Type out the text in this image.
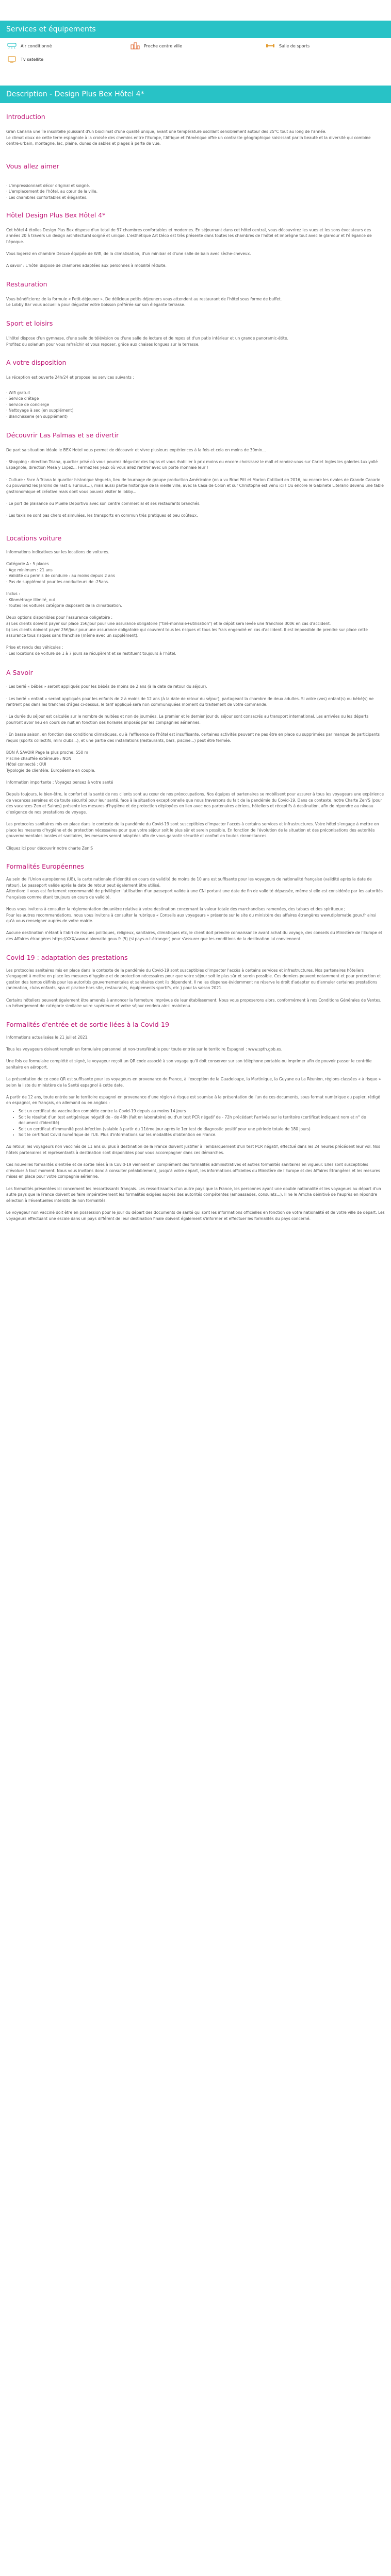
Services et équipements
Air conditionné	Proche centre ville	Salle de sports
Tv satellite
Description - Design Plus Bex Hôtel 4*
Introduction

Gran Canaria une île insolitelle jouissant d'un bioclimat d'une qualité unique, avant une température oscillant sensiblement autour des 25°C tout au long de l'année.

Le climat doux de cette terre espagnole à la croisée des chemins entre l'Europe, l'Afrique et l'Amérique offre un contraste géographique saisissant par la beauté et la diversité qui combine centre-urbain, montagne, lac, plaine, dunes de sables et plages à perte de vue.

Vous allez aimer

· L'impressionnant décor original et soigné.

· L'emplacement de l'hôtel, au cœur de la ville.

· Les chambres confortables et élégantes.

Hôtel Design Plus Bex Hôtel 4*

Cet hôtel 4 étoiles Design Plus Bex dispose d'un total de 97 chambres confortables et modernes. En séjournant dans cet hôtel central, vous découvrirez les vues et les sons évocateurs des années 20 à travers un design architectural soigné et unique. L'esthétique Art Déco est très présente dans toutes les chambres de l'hôtel et imprègne tout avec le glamour et l'élégance de l'époque.

Vous logerez en chambre Deluxe équipée de Wifi, de la climatisation, d'un minibar et d'une salle de bain avec sèche-cheveux.

A savoir : L'hôtel dispose de chambres adaptées aux personnes à mobilité réduite.

Restauration

Vous bénéficierez de la formule « Petit-déjeuner ». De délicieux petits déjeuners vous attendent au restaurant de l'hôtel sous forme de buffet.

Le Lobby Bar vous accueilla pour déguster votre boisson préférée sur son élégante terrasse.

Sport et loisirs

L'hôtel dispose d'un gymnase, d'une salle de télévision ou d'une salle de lecture et de repos et d'un patio intérieur et un grande panoramic-étite.

Profitez du solarium pour vous rafraîchir et vous reposer, grâce aux chaises longues sur la terrasse.

A votre disposition

La réception est ouverte 24h/24 et propose les services suivants :

· Wifi gratuit

· Service d'étage

· Service de concierge

· Nettoyage à sec (en supplément)

· Blanchisserie (en supplément)

Découvrir Las Palmas et se divertir

De part sa situation idéale le BEX Hotel vous permet de découvrir et vivre plusieurs expériences à la fois et cela en moins de 30min...

· Shopping : direction Triana, quartier prisé où vous pourrez déguster des tapas et vous rhabiller à prix moins ou encore choisissez le mall et rendez-vous sur Carlet Ingles les galeries Luxiyollé Espagnole, direction Mesa y Lopez... Fermez les yeux où vous allez rentrer avec un porte monnaie leur !

· Culture : Face à Triana le quartier historique Vegueta, lieu de tournage de groupe production Américaine (on a vu Brad Pitt et Marion Cotillard en 2016, ou encore les rivales de Grande Canarie ou pouvoirez les Jardins de Fast & Furious...), mais aussi partie historique de la vieille ville, avec la Casa de Colon et sur Christophe est venu ici ! Ou encore le Gabinete Literario devenu une table gastronomique et créative mais dont vous pouvez visiter le lobby...

· Le port de plaisance ou Muelle Deportivo avec son centre commercial et ses restaurants branchés.

· Les taxis ne sont pas chers et simulées, les transports en commun très pratiques et peu coûteux.

Locations voiture

Informations indicatives sur les locations de voitures.

Catégorie A : 5 places

· Age minimum : 21 ans

· Validité du permis de conduire : au moins depuis 2 ans

· Pas de supplément pour les conducteurs de -25ans.

Inclus :

· Kilométrage illimité, oui

· Toutes les voitures catégorie disposent de la climatisation.

Deux options disponibles pour l'assurance obligatoire :

a) Les clients doivent payer sur place 15€/jour pour une assurance obligatoire ("tiré-monnaie+utilisation") et le dépôt sera levée une franchise 300€ en cas d'accident.

b) Les clients doivent payer 25€/jour pour une assurance obligatoire qui couvrent tous les risques et tous les frais engendré en cas d'accident. Il est impossible de prendre sur place cette assurance tous risques sans franchise (même avec un supplément).

Prise et rendu des véhicules :

· Les locations de voiture de 1 à 7 jours se récupèrent et se restituent toujours à l'hôtel.

A Savoir

· Les berlé « bébés » seront appliqués pour les bébés de moins de 2 ans (à la date de retour du séjour).

· Les berlé « enfant » seront appliqués pour les enfants de 2 à moins de 12 ans (à la date de retour du séjour), partageant la chambre de deux adultes. Si votre (vos) enfant(s) ou bébé(s) ne rentrent pas dans les tranches d'âges ci-dessus, le tarif appliqué sera non communiquées moment du traitement de votre commande.

· La durée du séjour est calculée sur le nombre de nuitées et non de journées. La premier et le dernier jour du séjour sont consacrés au transport international. Les arrivées ou les départs pourront avoir lieu en cours de nuit en fonction des horaires imposés par les compagnies aériennes.

· En basse saison, en fonction des conditions climatiques, ou à l'affluence de l'hôtel est insuffisante, certaines activités peuvent ne pas être en place ou supprimées par manque de participants requis (sports collectifs, mini clubs...), et une partie des installations (restaurants, bars, piscine...) peut être fermée.

BON À SAVOIR Page la plus proche: 550 m

Piscine chauffée extérieure : NON

Hôtel connecté : OUI

Typologie de clientèle: Européenne en couple.

Information importante : Voyagez pensez à votre santé

Depuis toujours, le bien-être, le confort et la santé de nos clients sont au cœur de nos préoccupations. Nos équipes et partenaires se mobilisent pour assurer à tous les voyageurs une expérience de vacances sereines et de toute sécurité pour leur santé, face à la situation exceptionnelle que nous traversons du fait de la pandémie du Covid-19. Dans ce contexte, notre Charte Zen'S (pour des vacances Zen et Saines) présente les mesures d'hygiène et de protection déployées en lien avec nos partenaires aériens, hôteliers et réceptifs à destination, afin de répondre au niveau d'exigence de nos prestations de voyage.

Les protocoles sanitaires mis en place dans le contexte de la pandémie du Covid-19 sont susceptibles d'impacter l'accès à certains services et infrastructures. Votre hôtel s'engage à mettre en place les mesures d'hygiène et de protection nécessaires pour que votre séjour soit le plus sûr et serein possible. En fonction de l'évolution de la situation et des préconisations des autorités gouvernementales locales et sanitaires, les mesures seront adaptées afin de vous garantir sécurité et confort en toutes circonstances.

Cliquez ici pour découvrir notre charte Zen'S

Formalités Européennes

Au sein de l'Union européenne (UE), la carte nationale d'identité en cours de validité de moins de 10 ans est suffisante pour les voyageurs de nationalité française (validité après la date de retour). Le passeport valide après la date de retour peut également être utilisé.

Attention: il vous est fortement recommandé de privilégier l'utilisation d'un passeport valide à une CNI portant une date de fin de validité dépassée, même si elle est considérée par les autorités françaises comme étant toujours en cours de validité.

Nous vous invitons à consulter la réglementation douanière relative à votre destination concernant la valeur totale des marchandises ramenées, des tabacs et des spiritueux ;

Pour les autres recommandations, nous vous invitons à consulter la rubrique « Conseils aux voyageurs » présente sur le site du ministère des affaires étrangères www.diplomatie.gouv.fr ainsi qu'à vous renseigner auprès de votre mairie.

Aucune destination n'étant à l'abri de risques politiques, religieux, sanitaires, climatiques etc, le client doit prendre connaissance avant achat du voyage, des conseils du Ministère de l'Europe et des Affaires étrangères https://XXX/www.diplomatie.gouv.fr (5) (si pays-o-t-étranger) pour s'assurer que les conditions de la destination lui conviennent.

Covid-19 : adaptation des prestations

Les protocoles sanitaires mis en place dans le contexte de la pandémie du Covid-19 sont susceptibles d'impacter l'accès à certains services et infrastructures. Nos partenaires hôteliers s'engagent à mettre en place les mesures d'hygiène et de protection nécessaires pour que votre séjour soit le plus sûr et serein possible. Ces derniers peuvent notamment et pour protection et gestion des temps définis pour les autorités gouvernementales et sanitaires dont ils dépendent. Il ne les dispense évidemment ne réserve le droit d'adapter ou d'annuler certaines prestations (animation, clubs enfants, spa et piscine hors site, restaurants, équipements sportifs, etc.) pour la saison 2021.

Certains hôteliers peuvent également être amenés à annoncer la fermeture imprévue de leur établissement. Nous vous proposerons alors, conformément à nos Conditions Générales de Ventes, un hébergement de catégorie similaire voire supérieure et votre séjour rendera ainsi maintenu.

Formalités d'entrée et de sortie liées à la Covid-19

Informations actualisées le 21 juillet 2021.

Tous les voyageurs doivent remplir un formulaire personnel et non-transférable pour toute entrée sur le territoire Espagnol : www.spth.gob.es.

Une fois ce formulaire complété et signé, le voyageur reçoit un QR code associé à son voyage qu'il doit conserver sur son téléphone portable ou imprimer afin de pouvoir passer le contrôle sanitaire en aéroport.

La présentation de ce code QR est suffisante pour les voyageurs en provenance de France, à l'exception de la Guadeloupe, la Martinique, la Guyane ou La Réunion, régions classées « à risque » selon la liste du ministère de la Santé espagnol à cette date.

A partir de 12 ans, toute entrée sur le territoire espagnol en provenance d'une région à risque est soumise à la présentation de l'un de ces documents, sous format numérique ou papier, rédigé en espagnol, en français, en allemand ou en anglais :

• Soit un certificat de vaccination complète contre la Covid-19 depuis au moins 14 jours
• Soit le résultat d'un test antigénique négatif de - de 48h (fait en laboratoire) ou d'un test PCR négatif de - 72h précédant l'arrivée sur le territoire (certificat indiquant nom et n° de document d'identité)
• Soit un certificat d'immunité post-infection (valable à partir du 11ème jour après le 1er test de diagnostic positif pour une période totale de 180 jours)
• Soit le certificat Covid numérique de l'UE. Plus d'informations sur les modalités d'obtention en France.

Au retour, les voyageurs non vaccinés de 11 ans ou plus à destination de la France doivent justifier à l'embarquement d'un test PCR négatif, effectué dans les 24 heures précédent leur vol. Nos hôtels partenaires et représentants à destination sont disponibles pour vous accompagner dans ces démarches.

Ces nouvelles formalités d'entrée et de sortie liées à la Covid-19 viennent en complément des formalités administratives et autres formalités sanitaires en vigueur. Elles sont susceptibles d'évoluer à tout moment. Nous vous invitons donc à consulter préalablement, jusqu'à votre départ, les informations officielles du Ministère de l'Europe et des Affaires Étrangères et les mesures mises en place pour votre compagnie aérienne.

Les formalités présentées ici concernent les ressortissants français. Les ressortissants d'un autre pays que la France, les personnes ayant une double nationalité et les voyageurs au départ d'un autre pays que la France doivent se faire impérativement les formalités exigées auprès des autorités compétentes (ambassades, consulats...). Il ne le Amcha déinitivé de l'auprès en répondre sélection à l'éventuelles interdits de non formalités.

Le voyageur non vacciné doit être en possession pour le jour du départ des documents de santé qui sont les informations officielles en fonction de votre nationalité et de votre ville de départ. Les voyageurs effectuant une escale dans un pays différent de leur destination finale doivent également s'informer et effectuer les formalités du pays concerné.
